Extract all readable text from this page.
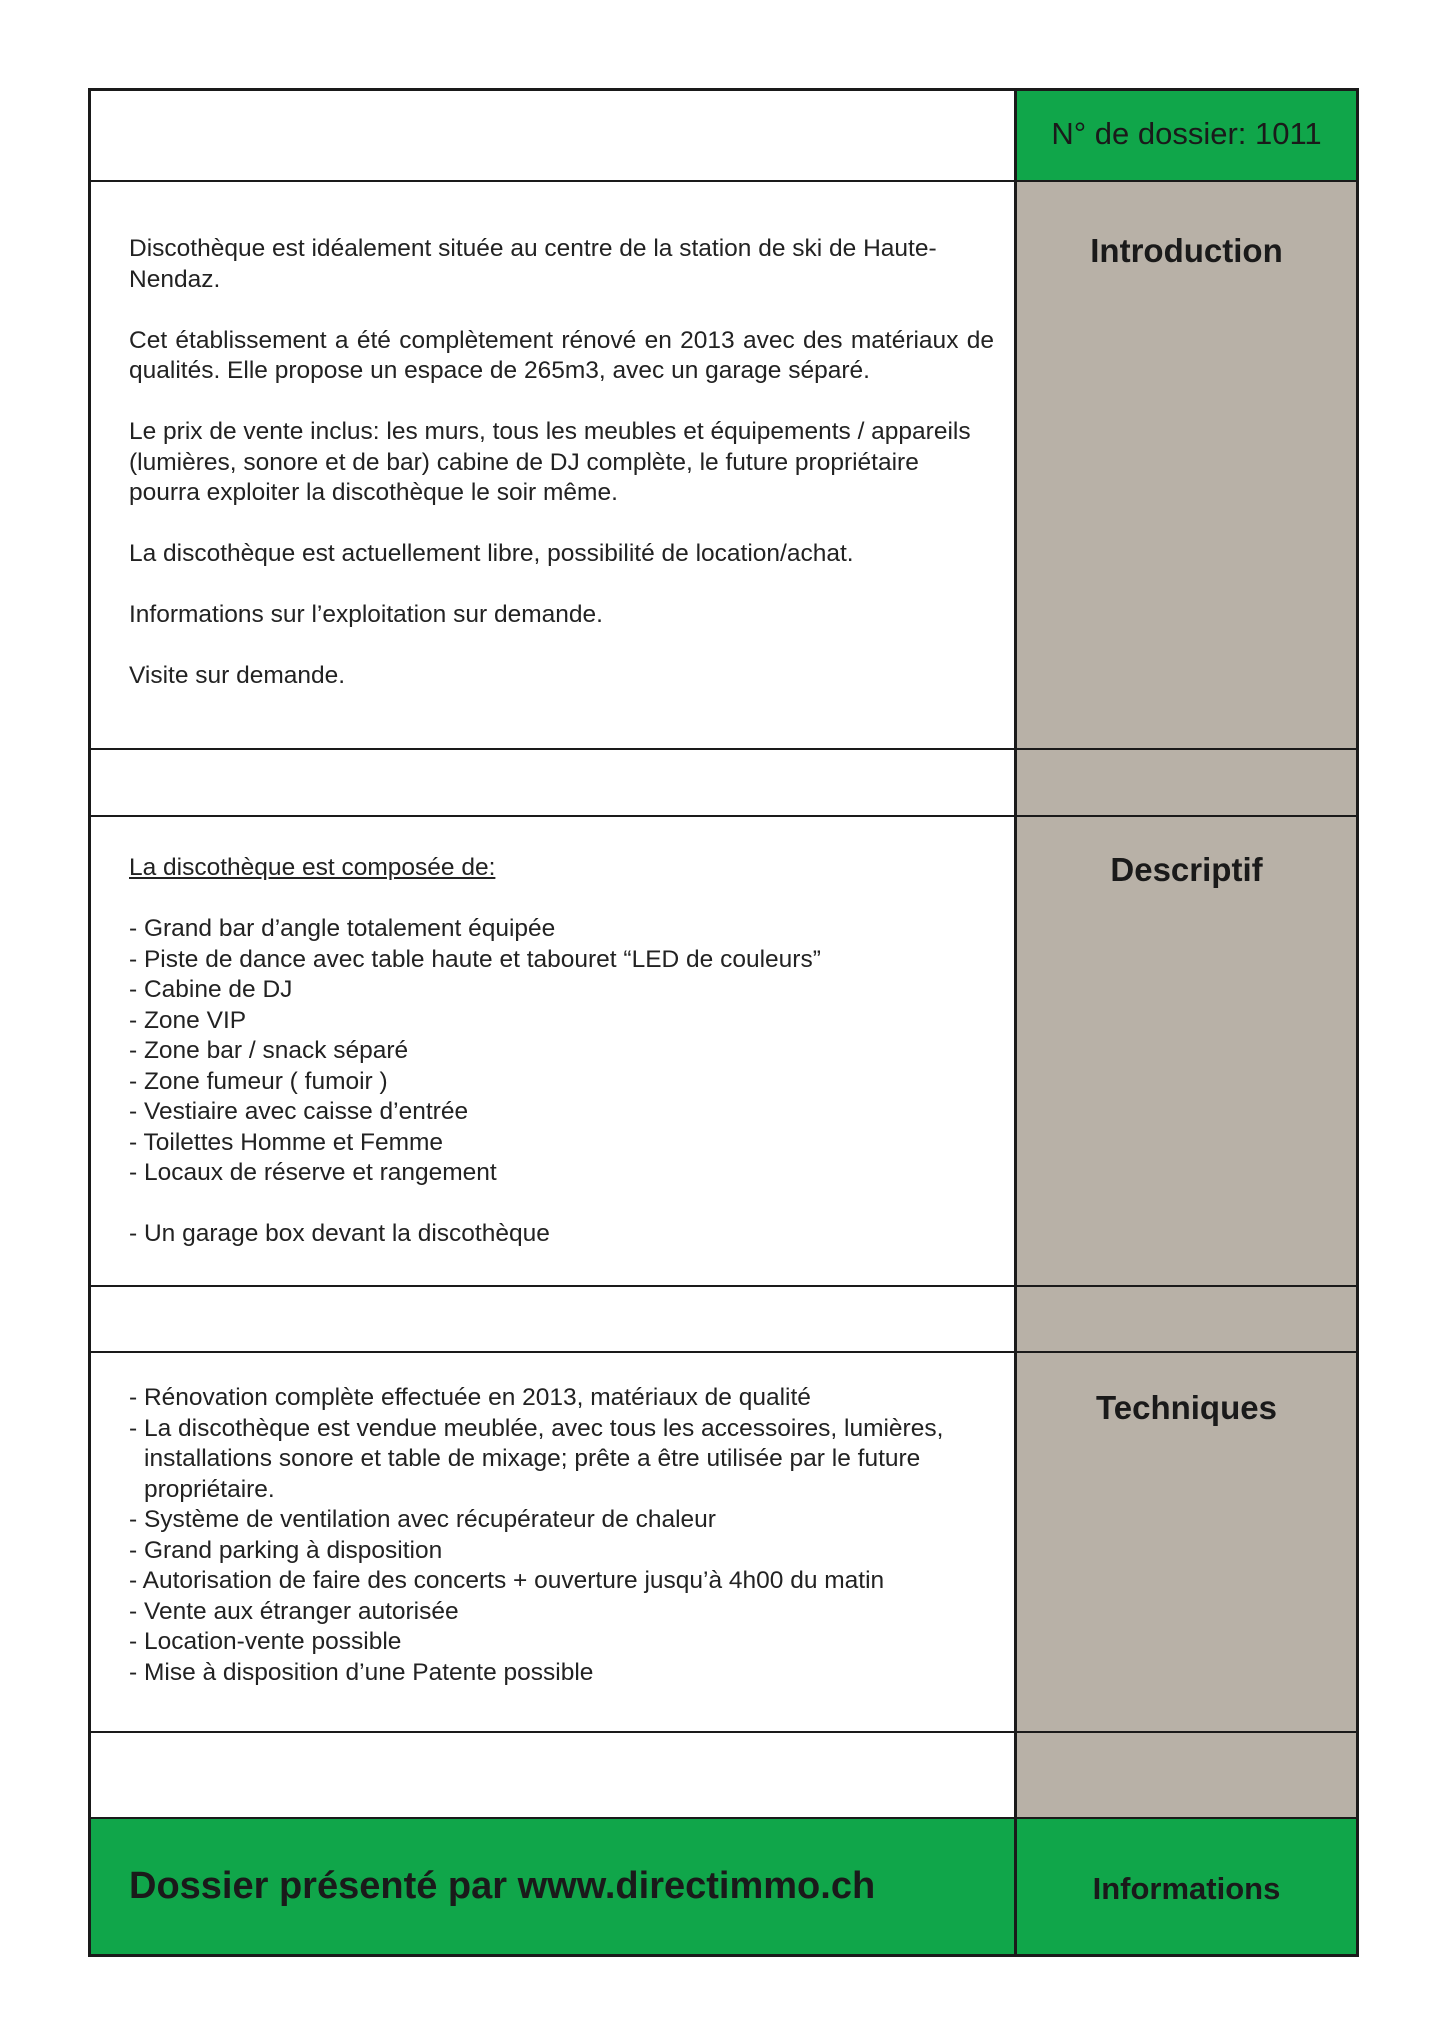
N° de dossier: 1011

Discothèque est idéalement située au centre de la station de ski de Haute-Nendaz.

Cet établissement a été complètement rénové en 2013 avec des matériaux de qualités. Elle propose un espace de 265m3, avec un garage séparé.

Le prix de vente inclus: les murs, tous les meubles et équipements / appareils (lumières, sonore et de bar) cabine de DJ complète, le future propriétaire pourra exploiter la discothèque le soir même.

La discothèque est actuellement libre, possibilité de location/achat.

Informations sur l’exploitation sur demande.

Visite sur demande.

Introduction

La discothèque est composée de:

- Grand bar d’angle totalement équipée
- Piste de dance avec table haute et tabouret “LED de couleurs”
- Cabine de DJ
- Zone VIP
- Zone bar / snack séparé
- Zone fumeur ( fumoir )
- Vestiaire avec caisse d’entrée
- Toilettes Homme et Femme
- Locaux de réserve et rangement
- Un garage box devant la discothèque
Descriptif
- Rénovation complète effectuée en 2013, matériaux de qualité
- La discothèque est vendue meublée, avec tous les accessoires, lumières,
installations sonore et table de mixage; prête a être utilisée par le future
propriétaire.
- Système de ventilation avec récupérateur de chaleur
- Grand parking à disposition
- Autorisation de faire des concerts + ouverture jusqu’à 4h00 du matin
- Vente aux étranger autorisée
- Location-vente possible
- Mise à disposition d’une Patente possible
Techniques
Dossier présenté par www.directimmo.ch	Informations
